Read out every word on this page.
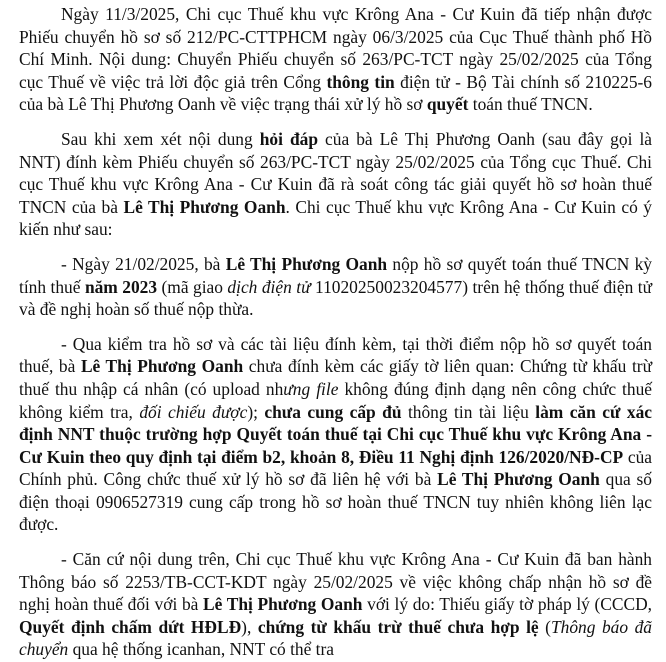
Ngày 11/3/2025, Chi cục Thuế khu vực Krông Ana - Cư Kuin đã tiếp nhận được Phiếu chuyển hồ sơ số 212/PC-CTTPHCM ngày 06/3/2025 của Cục Thuế thành phố Hồ Chí Minh. Nội dung: Chuyển Phiếu chuyển số 263/PC-TCT ngày 25/02/2025 của Tổng cục Thuế về việc trả lời độc giả trên Cổng thông tin điện tử - Bộ Tài chính số 210225-6 của bà Lê Thị Phương Oanh về việc trạng thái xử lý hồ sơ quyết toán thuế TNCN.

Sau khi xem xét nội dung hỏi đáp của bà Lê Thị Phương Oanh (sau đây gọi là NNT) đính kèm Phiếu chuyển số 263/PC-TCT ngày 25/02/2025 của Tổng cục Thuế. Chi cục Thuế khu vực Krông Ana - Cư Kuin đã rà soát công tác giải quyết hồ sơ hoàn thuế TNCN của bà Lê Thị Phương Oanh. Chi cục Thuế khu vực Krông Ana - Cư Kuin có ý kiến như sau:

- Ngày 21/02/2025, bà Lê Thị Phương Oanh nộp hồ sơ quyết toán thuế TNCN kỳ tính thuế năm 2023 (mã giao dịch điện tử 11020250023204577) trên hệ thống thuế điện tử và đề nghị hoàn số thuế nộp thừa.

- Qua kiểm tra hồ sơ và các tài liệu đính kèm, tại thời điểm nộp hồ sơ quyết toán thuế, bà Lê Thị Phương Oanh chưa đính kèm các giấy tờ liên quan: Chứng từ khấu trừ thuế thu nhập cá nhân (có upload nhưng file không đúng định dạng nên công chức thuế không kiểm tra, đối chiếu được); chưa cung cấp đủ thông tin tài liệu làm căn cứ xác định NNT thuộc trường hợp Quyết toán thuế tại Chi cục Thuế khu vực Krông Ana - Cư Kuin theo quy định tại điểm b2, khoản 8, Điều 11 Nghị định 126/2020/NĐ-CP của Chính phủ. Công chức thuế xử lý hồ sơ đã liên hệ với bà Lê Thị Phương Oanh qua số điện thoại 0906527319 cung cấp trong hồ sơ hoàn thuế TNCN tuy nhiên không liên lạc được.

- Căn cứ nội dung trên, Chi cục Thuế khu vực Krông Ana - Cư Kuin đã ban hành Thông báo số 2253/TB-CCT-KDT ngày 25/02/2025 về việc không chấp nhận hồ sơ đề nghị hoàn thuế đối với bà Lê Thị Phương Oanh với lý do: Thiếu giấy tờ pháp lý (CCCD, Quyết định chấm dứt HĐLĐ), chứng từ khấu trừ thuế chưa hợp lệ (Thông báo đã chuyển qua hệ thống icanhan, NNT có thể tra
